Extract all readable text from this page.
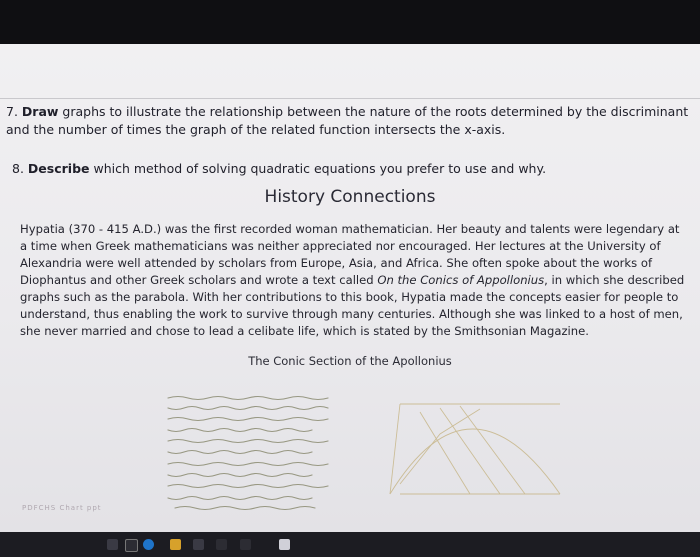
7. Draw graphs to illustrate the relationship between the nature of the roots determined by the discriminant and the number of times the graph of the related function intersects the x-axis.
8. Describe which method of solving quadratic equations you prefer to use and why.
History Connections
Hypatia (370 - 415 A.D.) was the first recorded woman mathematician. Her beauty and talents were legendary at a time when Greek mathematicians was neither appreciated nor encouraged. Her lectures at the University of Alexandria were well attended by scholars from Europe, Asia, and Africa. She often spoke about the works of Diophantus and other Greek scholars and wrote a text called On the Conics of Appollonius, in which she described graphs such as the parabola. With her contributions to this book, Hypatia made the concepts easier for people to understand, thus enabling the work to survive through many centuries. Although she was linked to a host of men, she never married and chose to lead a celibate life, which is stated by the Smithsonian Magazine.
The Conic Section of the Apollonius
PDFCHS Chart ppt
